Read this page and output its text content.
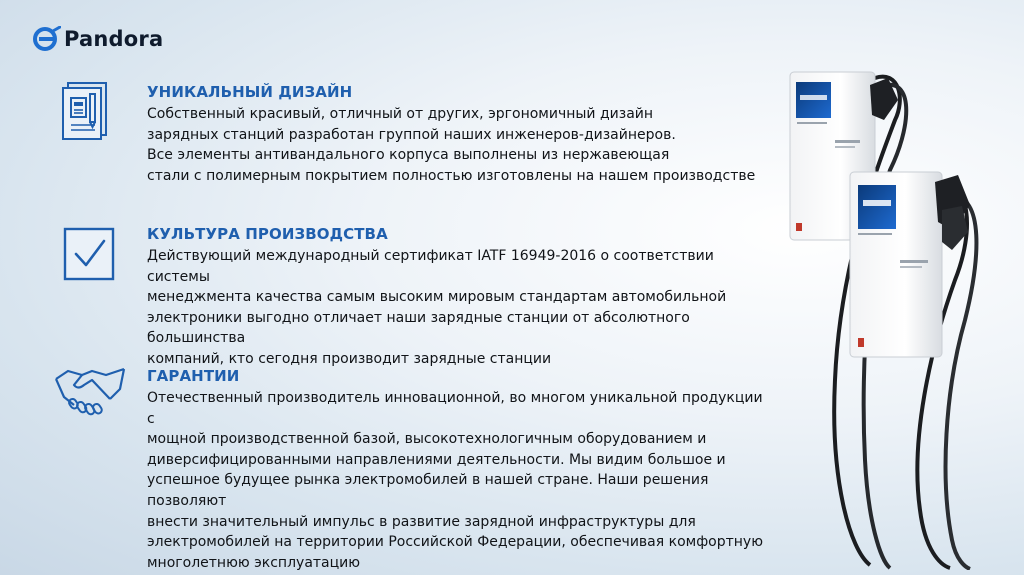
Pandora
УНИКАЛЬНЫЙ ДИЗАЙН

Собственный красивый, отличный от других, эргономичный дизайн
зарядных станций разработан группой наших инженеров-дизайнеров.
Все элементы антивандального корпуса выполнены из нержавеющая
стали с полимерным покрытием полностью изготовлены на нашем производстве

КУЛЬТУРА ПРОИЗВОДСТВА

Действующий международный сертификат IATF 16949-2016 о соответствии системы
менеджмента качества самым высоким мировым стандартам автомобильной
электроники выгодно отличает наши зарядные станции от абсолютного большинства
компаний, кто сегодня производит зарядные станции

ГАРАНТИИ

Отечественный производитель инновационной, во многом уникальной продукции с
мощной производственной базой, высокотехнологичным оборудованием и
диверсифицированными направлениями деятельности. Мы видим большое и
успешное будущее рынка электромобилей в нашей стране. Наши решения позволяют
внести значительный импульс в развитие зарядной инфраструктуры для
электромобилей на территории Российской Федерации, обеспечивая комфортную
многолетнюю эксплуатацию
